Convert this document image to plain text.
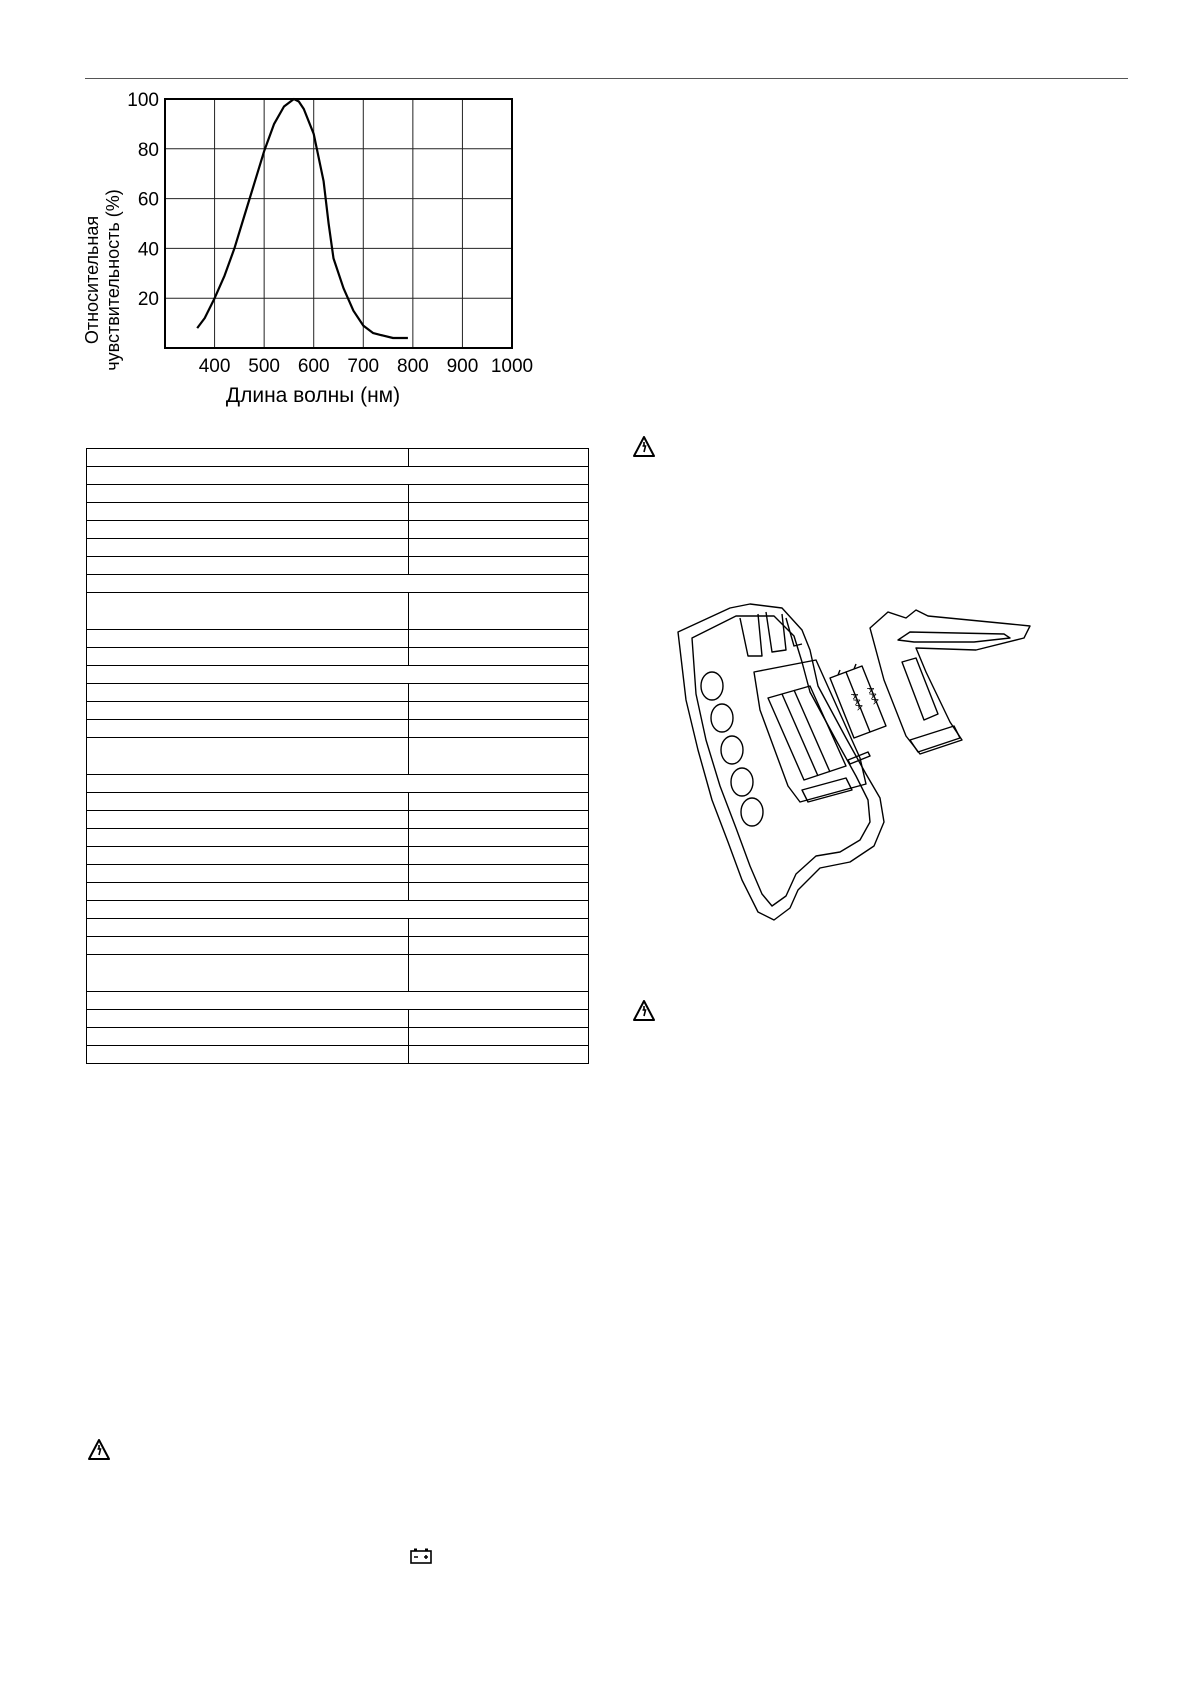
20
40
60
80
100
400 500 600 700 800 900 1000
Относительная чувствительность (%)
Длина волны (нм)

AAA AAA
